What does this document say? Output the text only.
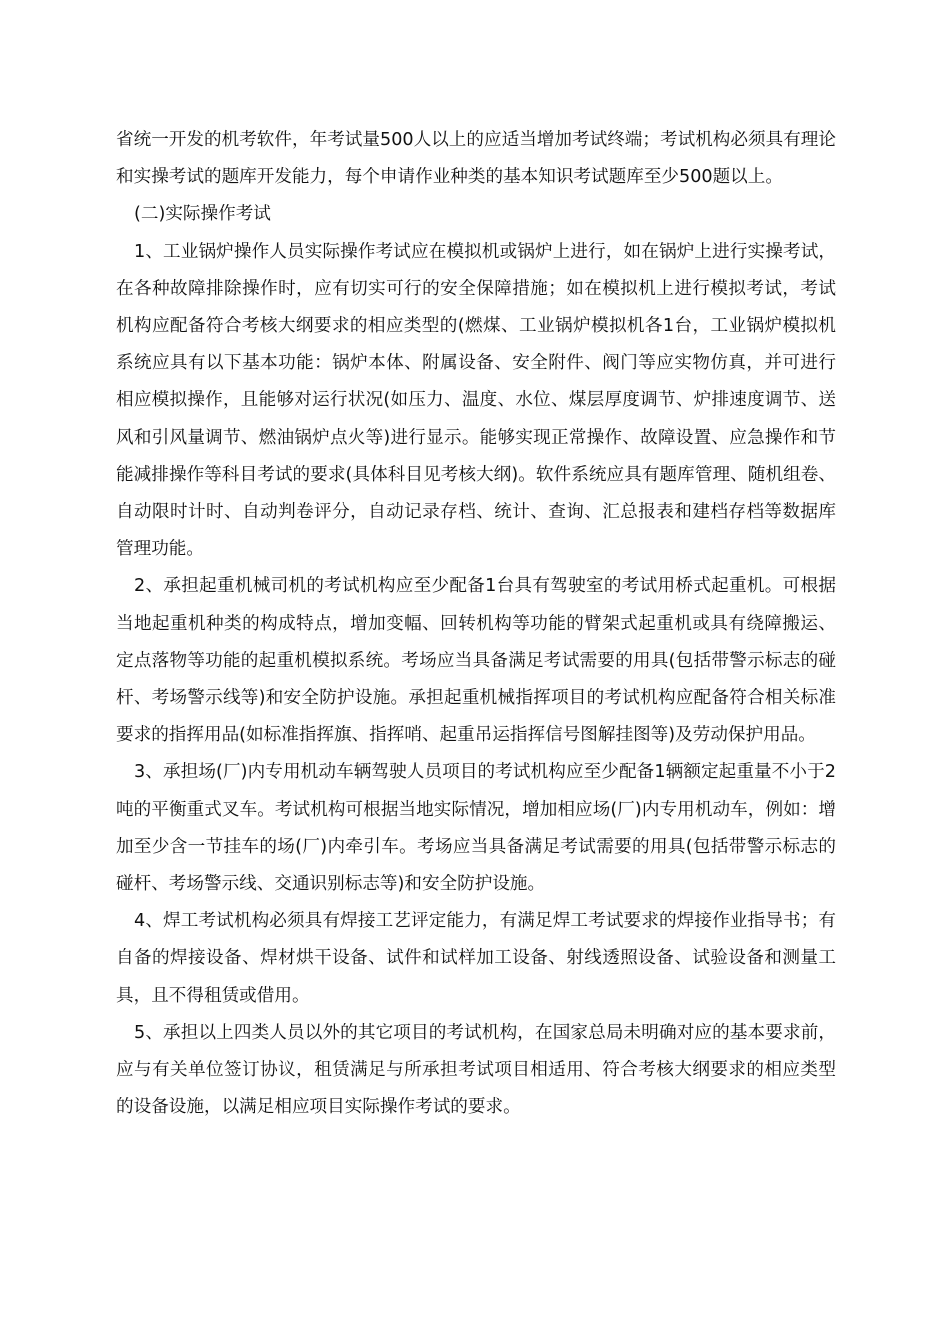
省统一开发的机考软件，年考试量500人以上的应适当增加考试终端；考试机构必须具有理论和实操考试的题库开发能力，每个申请作业种类的基本知识考试题库至少500题以上。

(二)实际操作考试

1、工业锅炉操作人员实际操作考试应在模拟机或锅炉上进行，如在锅炉上进行实操考试，在各种故障排除操作时，应有切实可行的安全保障措施；如在模拟机上进行模拟考试，考试机构应配备符合考核大纲要求的相应类型的(燃煤、工业锅炉模拟机各1台，工业锅炉模拟机系统应具有以下基本功能：锅炉本体、附属设备、安全附件、阀门等应实物仿真，并可进行相应模拟操作，且能够对运行状况(如压力、温度、水位、煤层厚度调节、炉排速度调节、送风和引风量调节、燃油锅炉点火等)进行显示。能够实现正常操作、故障设置、应急操作和节能减排操作等科目考试的要求(具体科目见考核大纲)。软件系统应具有题库管理、随机组卷、自动限时计时、自动判卷评分，自动记录存档、统计、查询、汇总报表和建档存档等数据库管理功能。

2、承担起重机械司机的考试机构应至少配备1台具有驾驶室的考试用桥式起重机。可根据当地起重机种类的构成特点，增加变幅、回转机构等功能的臂架式起重机或具有绕障搬运、定点落物等功能的起重机模拟系统。考场应当具备满足考试需要的用具(包括带警示标志的碰杆、考场警示线等)和安全防护设施。承担起重机械指挥项目的考试机构应配备符合相关标准要求的指挥用品(如标准指挥旗、指挥哨、起重吊运指挥信号图解挂图等)及劳动保护用品。

3、承担场(厂)内专用机动车辆驾驶人员项目的考试机构应至少配备1辆额定起重量不小于2吨的平衡重式叉车。考试机构可根据当地实际情况，增加相应场(厂)内专用机动车，例如：增加至少含一节挂车的场(厂)内牵引车。考场应当具备满足考试需要的用具(包括带警示标志的碰杆、考场警示线、交通识别标志等)和安全防护设施。

4、焊工考试机构必须具有焊接工艺评定能力，有满足焊工考试要求的焊接作业指导书；有自备的焊接设备、焊材烘干设备、试件和试样加工设备、射线透照设备、试验设备和测量工具，且不得租赁或借用。

5、承担以上四类人员以外的其它项目的考试机构，在国家总局未明确对应的基本要求前，应与有关单位签订协议，租赁满足与所承担考试项目相适用、符合考核大纲要求的相应类型的设备设施，以满足相应项目实际操作考试的要求。
